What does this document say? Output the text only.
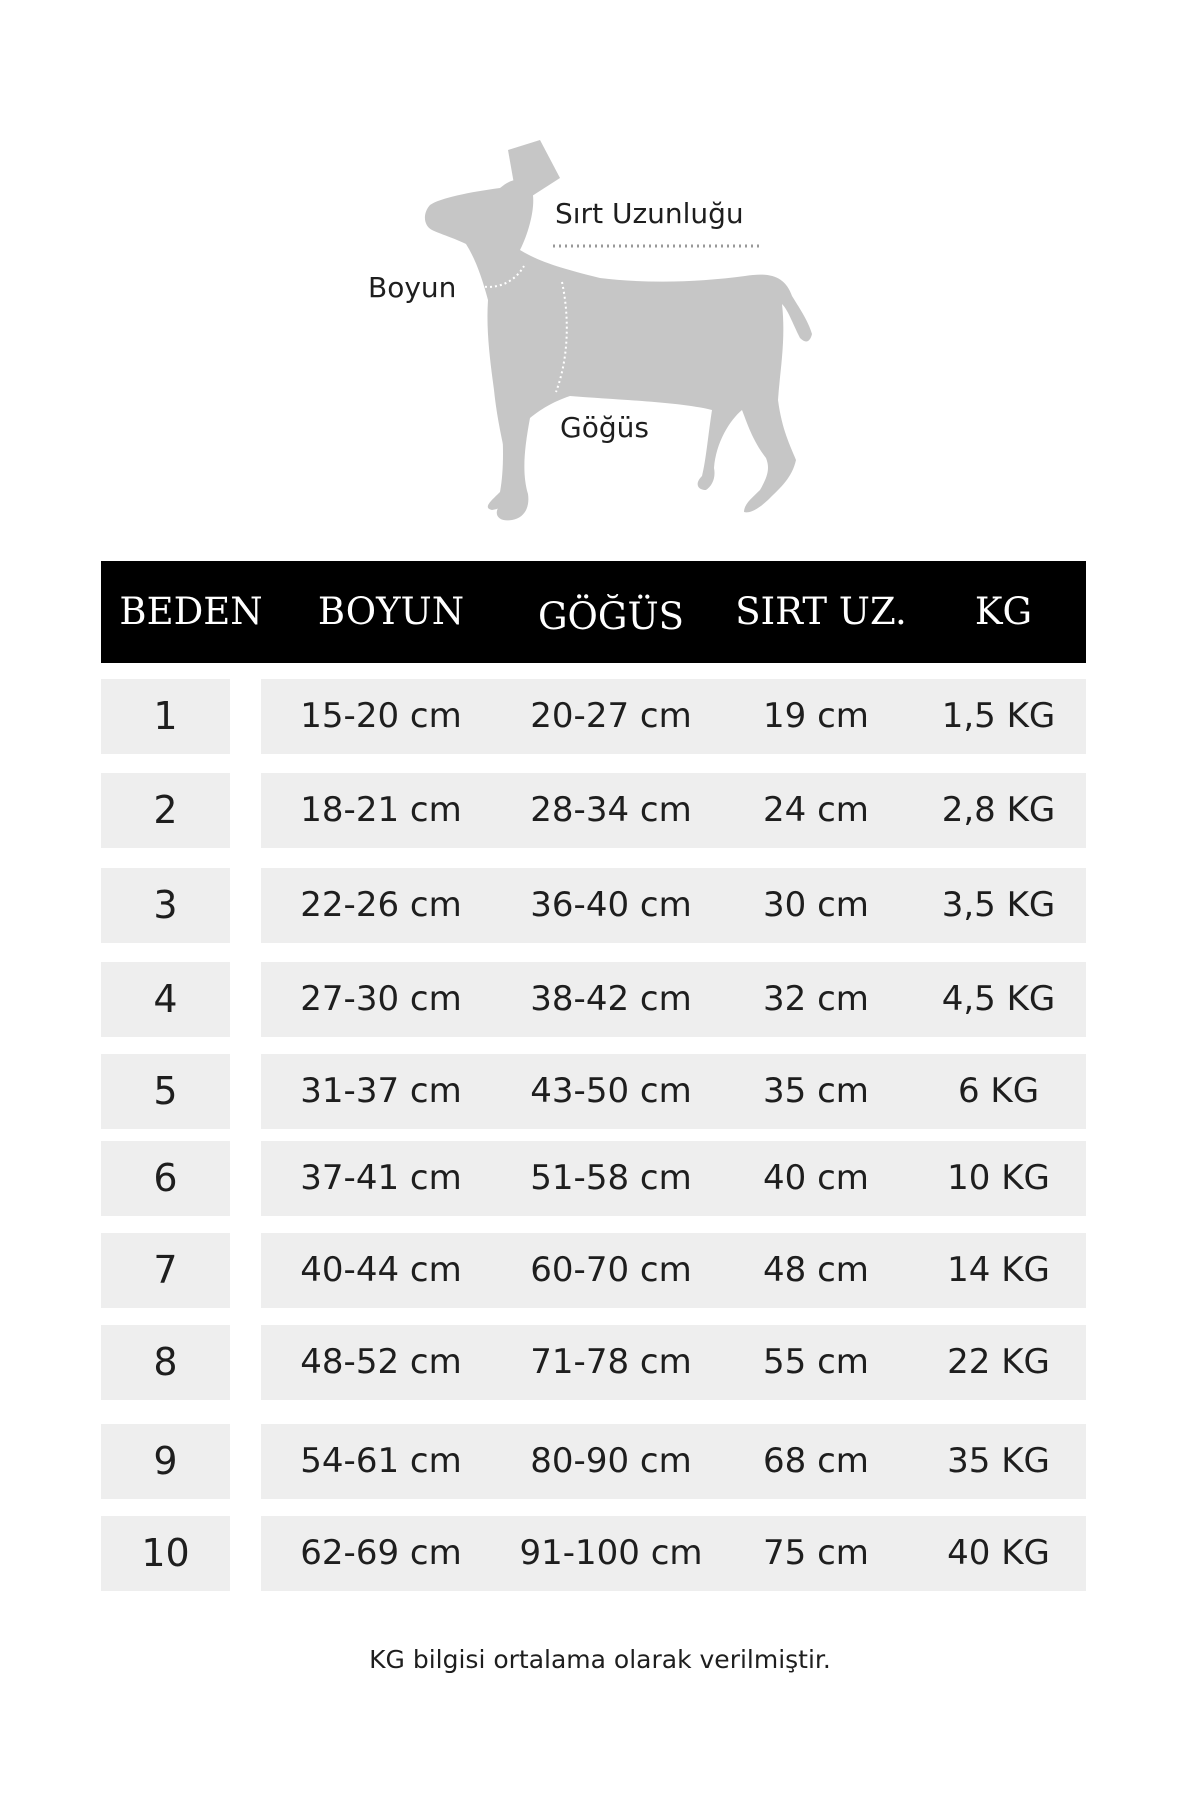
Sırt Uzunluğu
Boyun
Göğüs
BEDEN	BOYUN	GÖĞÜS	SIRT UZ.	KG
1	15-20 cm	20-27 cm	19 cm	1,5 KG
2	18-21 cm	28-34 cm	24 cm	2,8 KG
3	22-26 cm	36-40 cm	30 cm	3,5 KG
4	27-30 cm	38-42 cm	32 cm	4,5 KG
5	31-37 cm	43-50 cm	35 cm	6 KG
6	37-41 cm	51-58 cm	40 cm	10 KG
7	40-44 cm	60-70 cm	48 cm	14 KG
8	48-52 cm	71-78 cm	55 cm	22 KG
9	54-61 cm	80-90 cm	68 cm	35 KG
10	62-69 cm	91-100 cm	75 cm	40 KG
KG bilgisi ortalama olarak verilmiştir.
